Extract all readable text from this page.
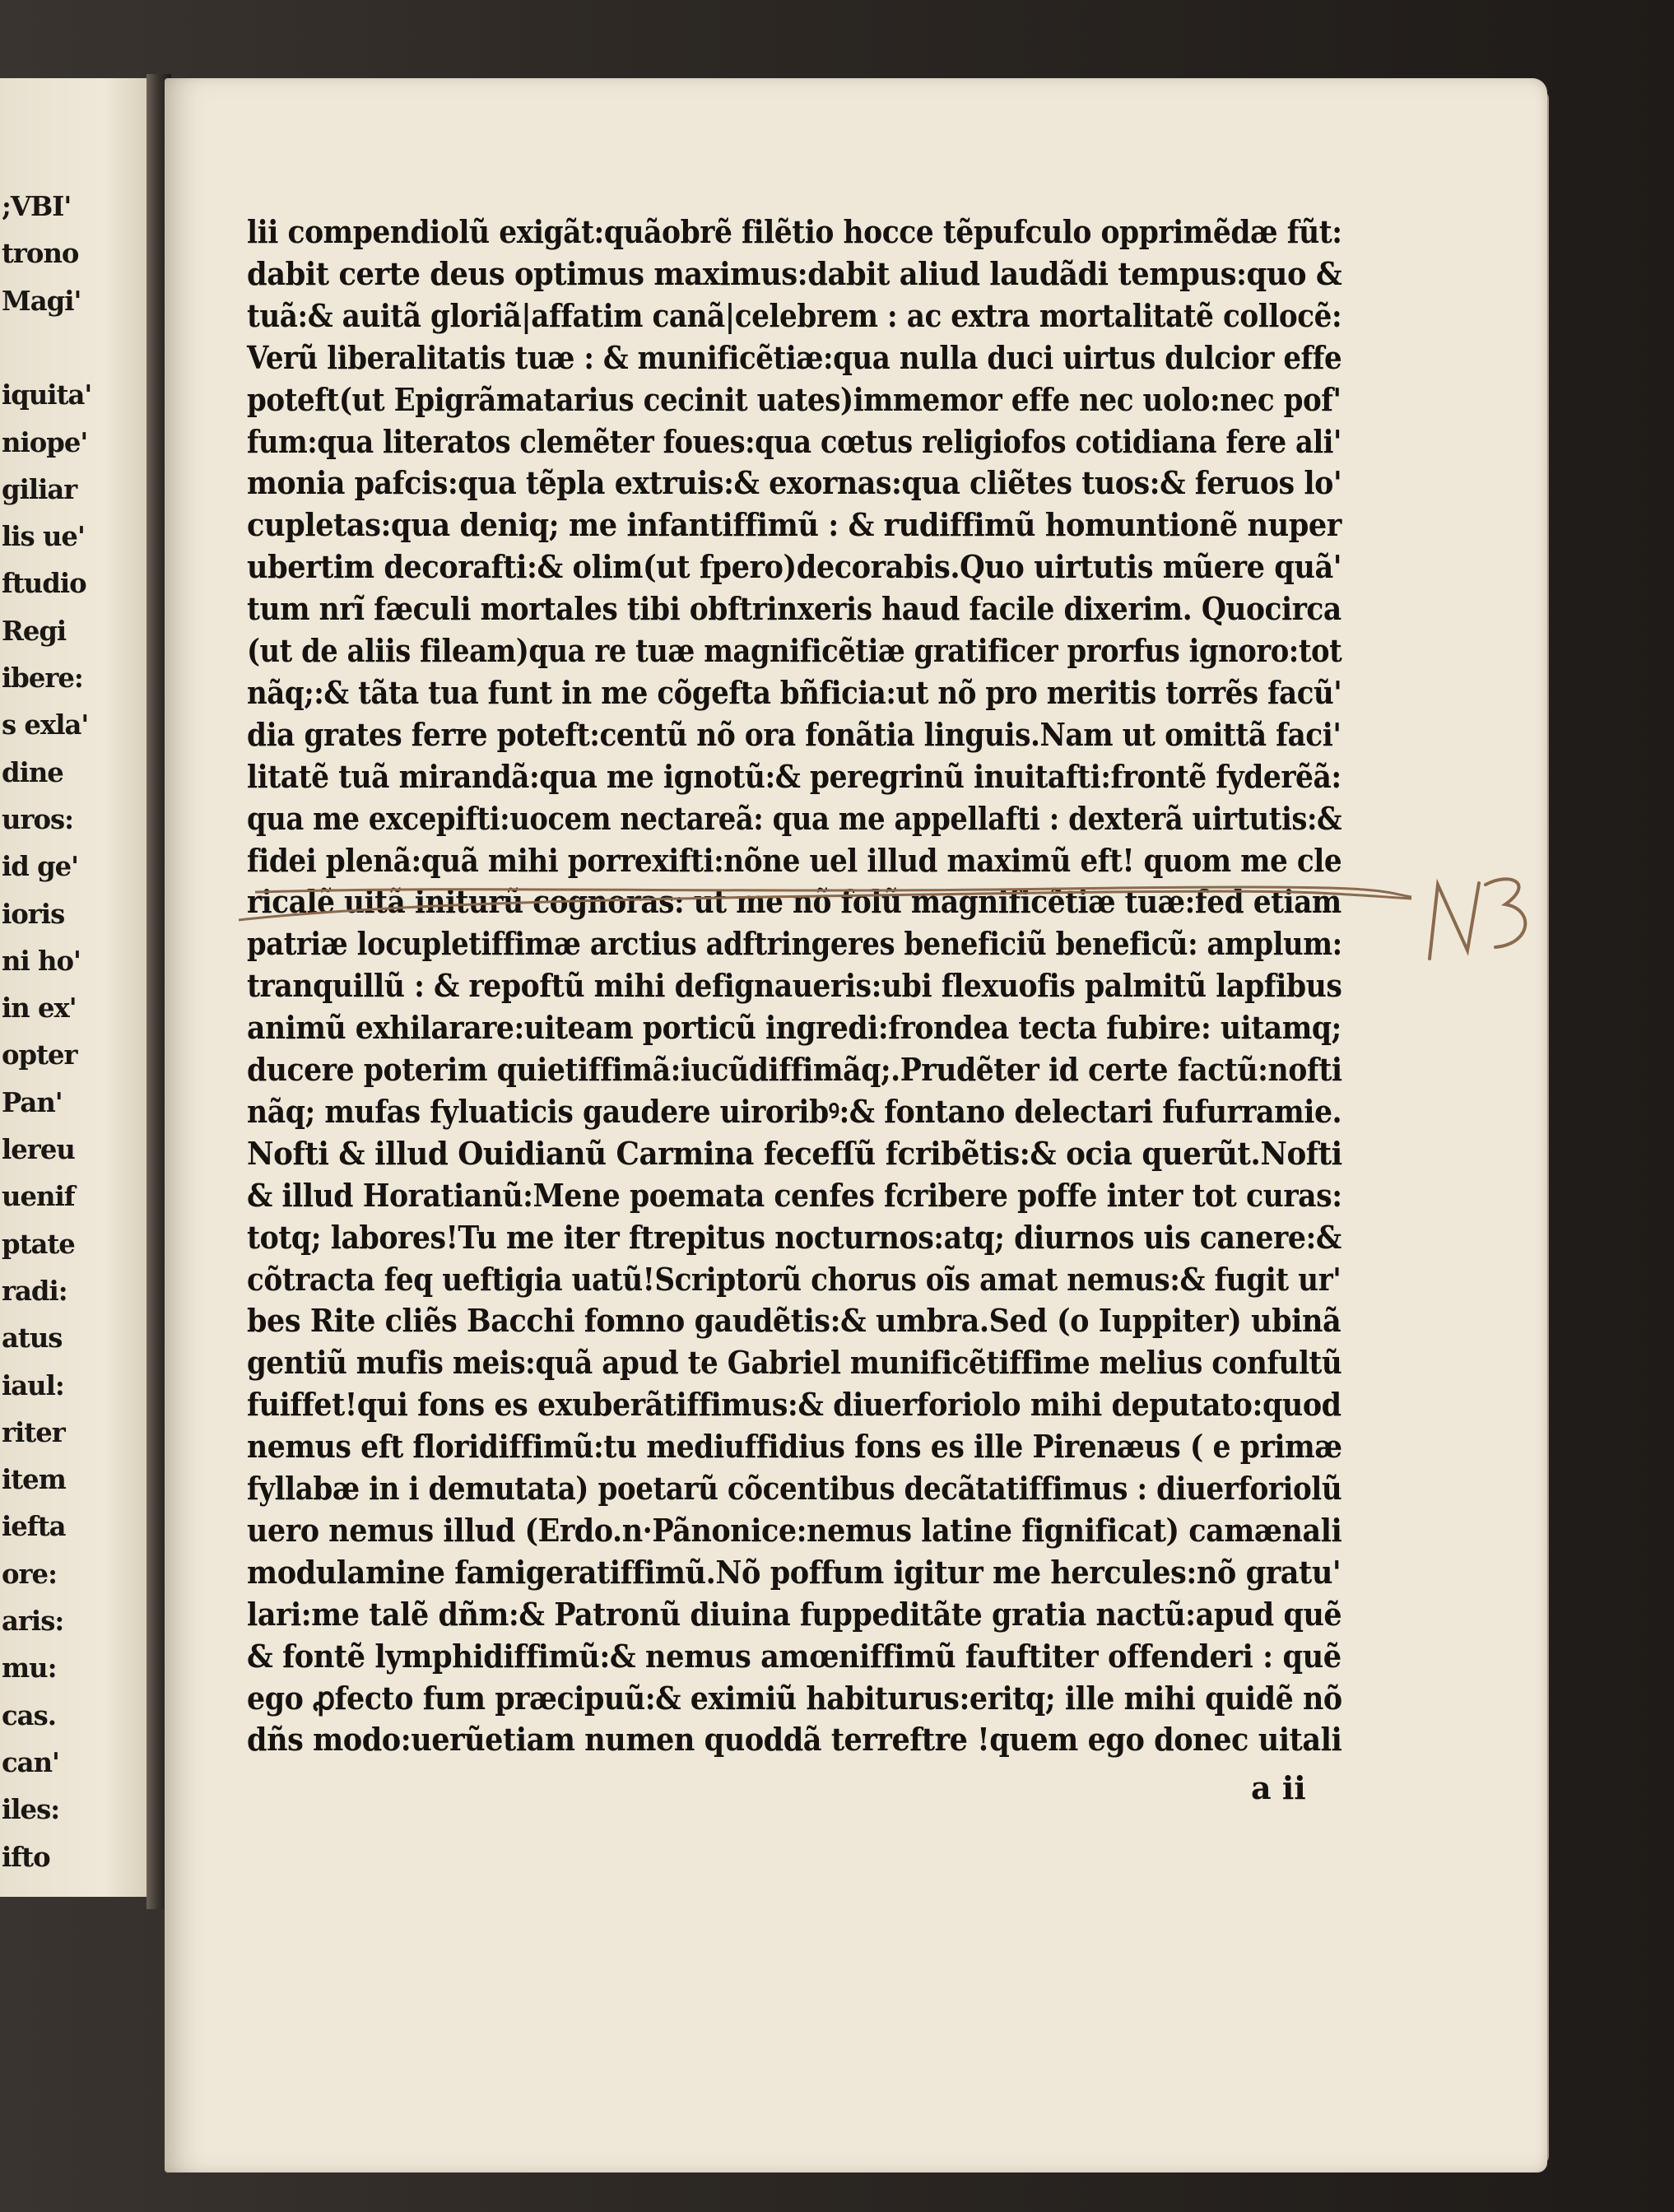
;VBI'
trono
Magi'
iquita'
niope'
giliar
lis ue'
ftudio
Regi
ibere:
s exla'
dine
uros:
id ge'
ioris
ni ho'
in ex'
opter
Pan'
lereu
uenif
ptate
radi:
atus
iaul:
riter
item
iefta
ore:
aris:
mu:
cas.
can'
iles:
ifto
lii compendiolũ exigãt:quãobrẽ filẽtio hocce tẽpufculo opprimẽdæ fũt:
dabit certe deus optimus maximus:dabit aliud laudãdi tempus:quo &
tuã:& auitã gloriã|affatim canã|celebrem : ac extra mortalitatẽ collocẽ:
Verũ liberalitatis tuæ : & munificẽtiæ:qua nulla duci uirtus dulcior effe
poteft(ut Epigrãmatarius cecinit uates)immemor effe nec uolo:nec pof'
fum:qua literatos clemẽter foues:qua cœtus religiofos cotidiana fere ali'
monia pafcis:qua tẽpla extruis:& exornas:qua cliẽtes tuos:& feruos lo'
cupletas:qua deniq; me infantiffimũ : & rudiffimũ homuntionẽ nuper
ubertim decorafti:& olim(ut fpero)decorabis.Quo uirtutis mũere quã'
tum nrĩ fæculi mortales tibi obftrinxeris haud facile dixerim. Quocirca
(ut de aliis fileam)qua re tuæ magnificẽtiæ gratificer prorfus ignoro:tot
nãq;:& tãta tua funt in me cõgefta bñficia:ut nõ pro meritis torrẽs facũ'
dia grates ferre poteft:centũ nõ ora fonãtia linguis.Nam ut omittã faci'
litatẽ tuã mirandã:qua me ignotũ:& peregrinũ inuitafti:frontẽ fyderẽã:
qua me excepifti:uocem nectareã: qua me appellafti : dexterã uirtutis:&
fidei plenã:quã mihi porrexifti:nõne uel illud maximũ eft! quom me cle
ricalẽ uitã initurũ cognoras: ut me nõ folũ magnificẽtiæ tuæ:fed etiam
patriæ locupletiffimæ arctius adftringeres beneficiũ beneficũ: amplum:
tranquillũ : & repoftũ mihi defignaueris:ubi flexuofis palmitũ lapfibus
animũ exhilarare:uiteam porticũ ingredi:frondea tecta fubire: uitamq;
ducere poterim quietiffimã:iucũdiffimãq;.Prudẽter id certe factũ:nofti
nãq; mufas fyluaticis gaudere uiroribꝰ:& fontano delectari fufurramie.
Nofti & illud Ouidianũ Carmina fecefſũ fcribẽtis:& ocia querũt.Nofti
& illud Horatianũ:Mene poemata cenfes fcribere poffe inter tot curas:
totq; labores!Tu me iter ftrepitus nocturnos:atq; diurnos uis canere:&
cõtracta feq ueftigia uatũ!Scriptorũ chorus oĩs amat nemus:& fugit ur'
bes Rite cliẽs Bacchi fomno gaudẽtis:& umbra.Sed (o Iuppiter) ubinã
gentiũ mufis meis:quã apud te Gabriel munificẽtiffime melius confultũ
fuiffet!qui fons es exuberãtiffimus:& diuerforiolo mihi deputato:quod
nemus eft floridiffimũ:tu mediuffidius fons es ille Pirenæus ( e primæ
fyllabæ in i demutata) poetarũ cõcentibus decãtatiffimus : diuerforiolũ
uero nemus illud (Erdo.n·Pãnonice:nemus latine fignificat) camænali
modulamine famigeratiffimũ.Nõ poffum igitur me hercules:nõ gratu'
lari:me talẽ dñm:& Patronũ diuina fuppeditãte gratia nactũ:apud quẽ
& fontẽ lymphidiffimũ:& nemus amœniffimũ fauftiter offenderi : quẽ
ego ꝓfecto fum præcipuũ:& eximiũ habiturus:eritq; ille mihi quidẽ nõ
dñs modo:uerũetiam numen quoddã terreftre !quem ego donec uitali
a ii
